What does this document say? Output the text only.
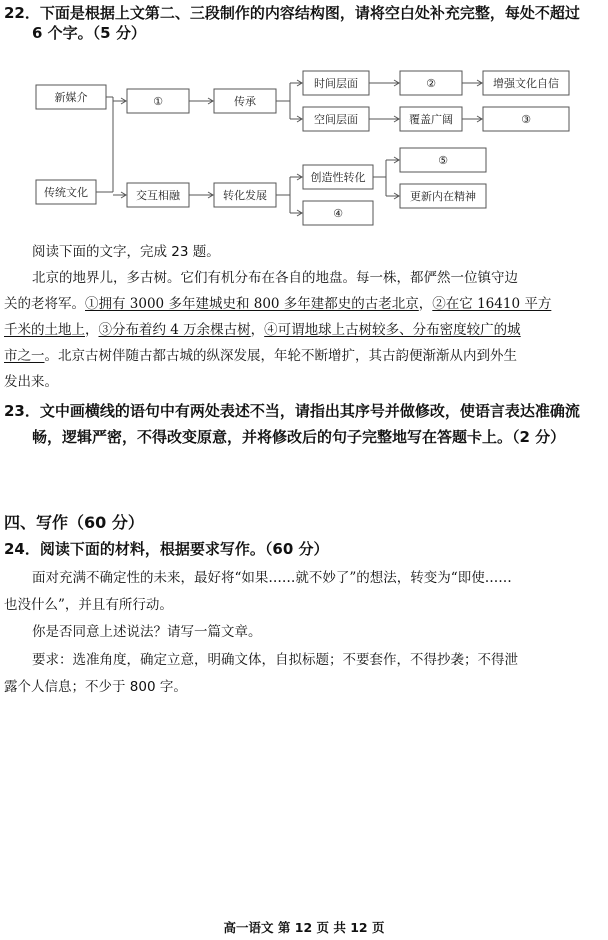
22．下面是根据上文第二、三段制作的内容结构图，请将空白处补充完整，每处不超过
6 个字。（5 分）
新媒介	①	传承
时间层面	②	增强文化自信
空间层面	覆盖广阔	③
传统文化	交互相融	转化发展
创造性转化
⑤
更新内在精神
④
阅读下面的文字，完成 23 题。
北京的地界儿，多古树。它们有机分布在各自的地盘。每一株，都俨然一位镇守边
关的老将军。①拥有 3000 多年建城史和 800 多年建都史的古老北京，②在它 16410 平方
千米的土地上，③分布着约 4 万余棵古树，④可谓地球上古树较多、分布密度较广的城
市之一。北京古树伴随古都古城的纵深发展，年轮不断增扩，其古韵便渐渐从内到外生
发出来。
23．文中画横线的语句中有两处表述不当，请指出其序号并做修改，使语言表达准确流
畅，逻辑严密，不得改变原意，并将修改后的句子完整地写在答题卡上。（2 分）
四、写作（60 分）
24．阅读下面的材料，根据要求写作。（60 分）
面对充满不确定性的未来，最好将“如果……就不妙了”的想法，转变为“即使……
也没什么”，并且有所行动。
你是否同意上述说法？请写一篇文章。
要求：选准角度，确定立意，明确文体，自拟标题；不要套作，不得抄袭；不得泄
露个人信息；不少于 800 字。
高一语文 第 12 页 共 12 页
